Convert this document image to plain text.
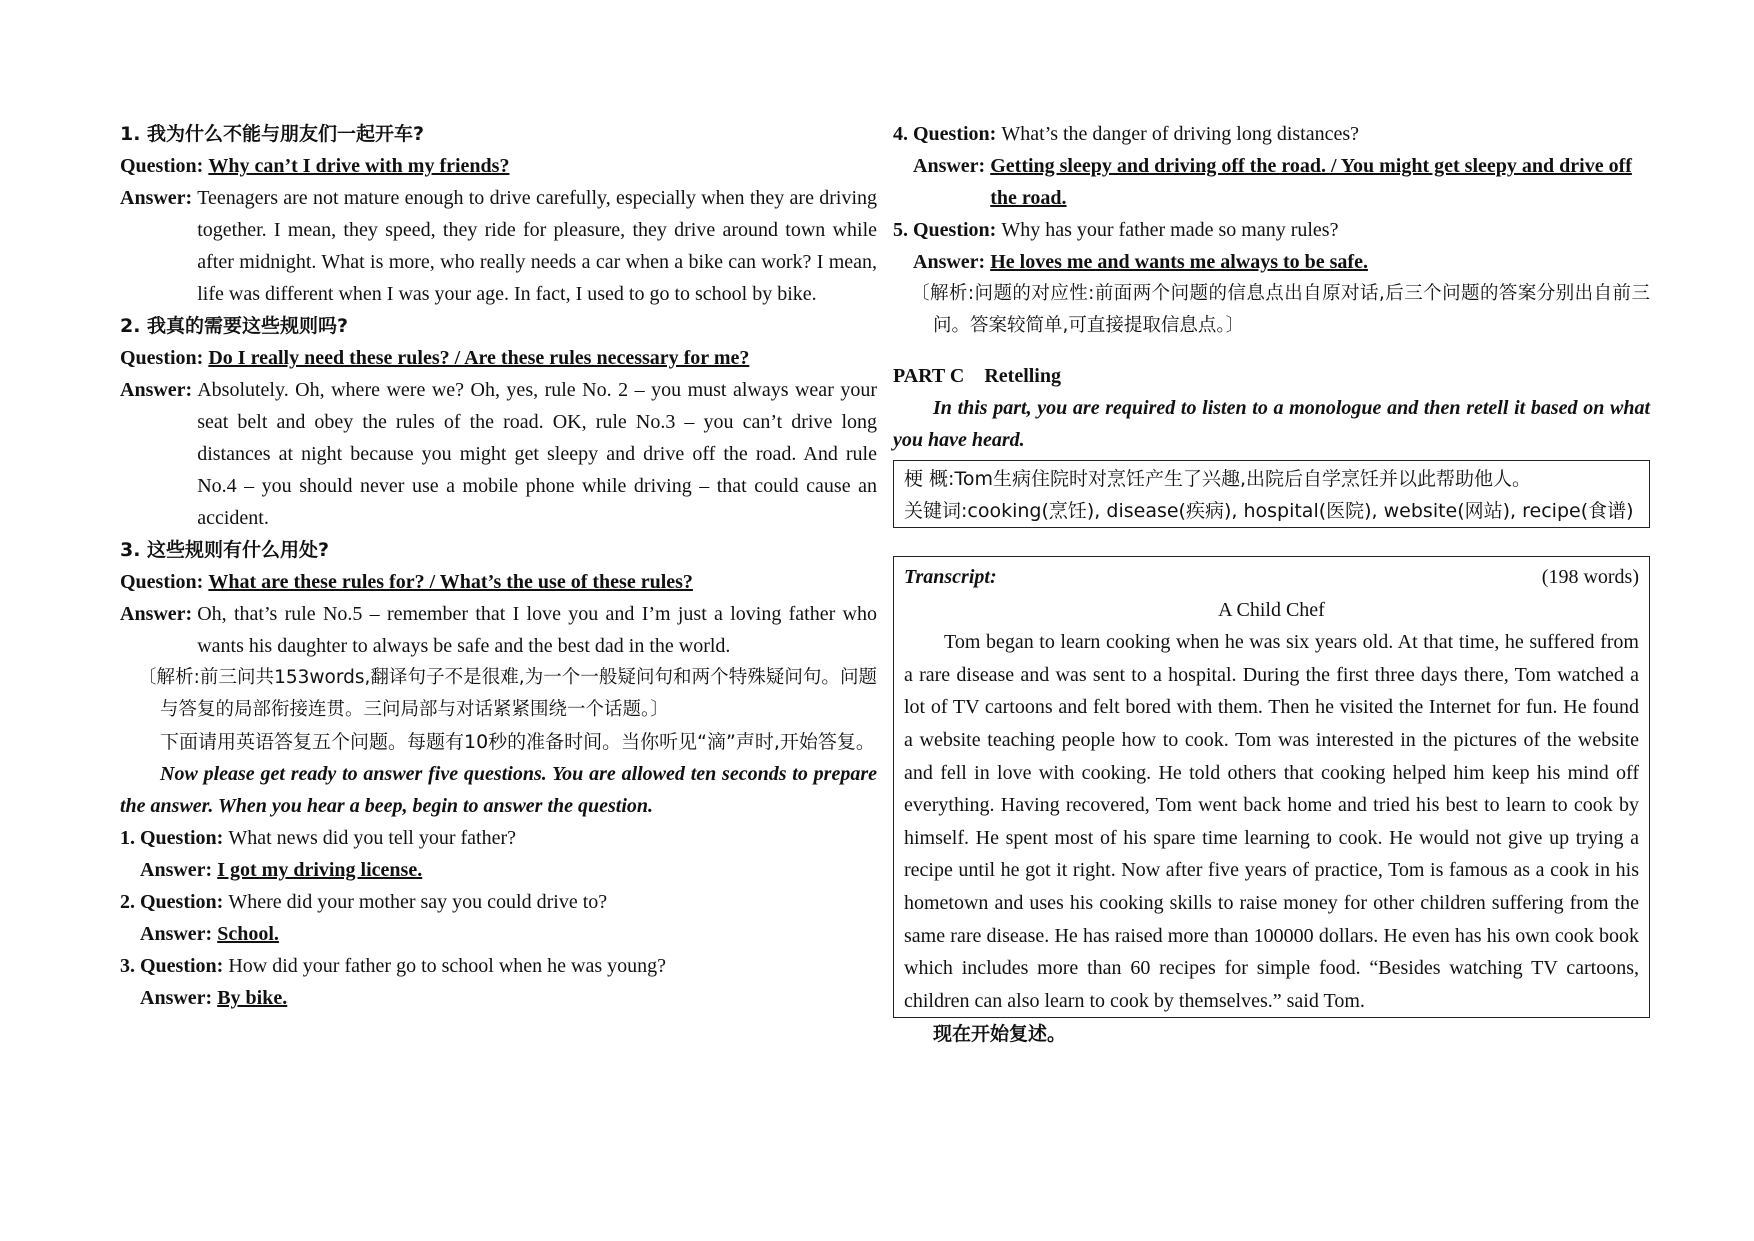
1. 我为什么不能与朋友们一起开车?

Question: Why can’t I drive with my friends?
Answer: Teenagers are not mature enough to drive carefully, especially when they are driving together. I mean, they speed, they ride for pleasure, they drive around town while after midnight. What is more, who really needs a car when a bike can work? I mean, life was different when I was your age. In fact, I used to go to school by bike.

2. 我真的需要这些规则吗?

Question: Do I really need these rules? / Are these rules necessary for me?
Answer: Absolutely. Oh, where were we? Oh, yes, rule No. 2 – you must always wear your seat belt and obey the rules of the road. OK, rule No.3 – you can’t drive long distances at night because you might get sleepy and drive off the road. And rule No.4 – you should never use a mobile phone while driving – that could cause an accident.

3. 这些规则有什么用处?

Question: What are these rules for? / What’s the use of these rules?
Answer: Oh, that’s rule No.5 – remember that I love you and I’m just a loving father who wants his daughter to always be safe and the best dad in the world.

〔解析:前三问共153words,翻译句子不是很难,为一个一般疑问句和两个特殊疑问句。问题与答复的局部衔接连贯。三问局部与对话紧紧围绕一个话题。〕

下面请用英语答复五个问题。每题有10秒的准备时间。当你听见“滴”声时,开始答复。

Now please get ready to answer five questions. You are allowed ten seconds to prepare the answer. When you hear a beep, begin to answer the question.

1. Question: What news did you tell your father?
Answer: I got my driving license.
2. Question: Where did your mother say you could drive to?
Answer: School.
3. Question: How did your father go to school when he was young?
Answer: By bike.
4. Question: What’s the danger of driving long distances?
Answer: Getting sleepy and driving off the road. / You might get sleepy and drive off the road.
5. Question: Why has your father made so many rules?
Answer: He loves me and wants me always to be safe.

〔解析:问题的对应性:前面两个问题的信息点出自原对话,后三个问题的答案分别出自前三问。答案较简单,可直接提取信息点。〕

PART C    Retelling

In this part, you are required to listen to a monologue and then retell it based on what you have heard.

梗 概:Tom生病住院时对烹饪产生了兴趣,出院后自学烹饪并以此帮助他人。

关键词:cooking(烹饪), disease(疾病), hospital(医院), website(网站), recipe(食谱)

Transcript:	(198 words)

A Child Chef

Tom began to learn cooking when he was six years old. At that time, he suffered from a rare disease and was sent to a hospital. During the first three days there, Tom watched a lot of TV cartoons and felt bored with them. Then he visited the Internet for fun. He found a website teaching people how to cook. Tom was interested in the pictures of the website and fell in love with cooking. He told others that cooking helped him keep his mind off everything. Having recovered, Tom went back home and tried his best to learn to cook by himself. He spent most of his spare time learning to cook. He would not give up trying a recipe until he got it right. Now after five years of practice, Tom is famous as a cook in his hometown and uses his cooking skills to raise money for other children suffering from the same rare disease. He has raised more than 100000 dollars. He even has his own cook book which includes more than 60 recipes for simple food. “Besides watching TV cartoons, children can also learn to cook by themselves.” said Tom.

现在开始复述。
